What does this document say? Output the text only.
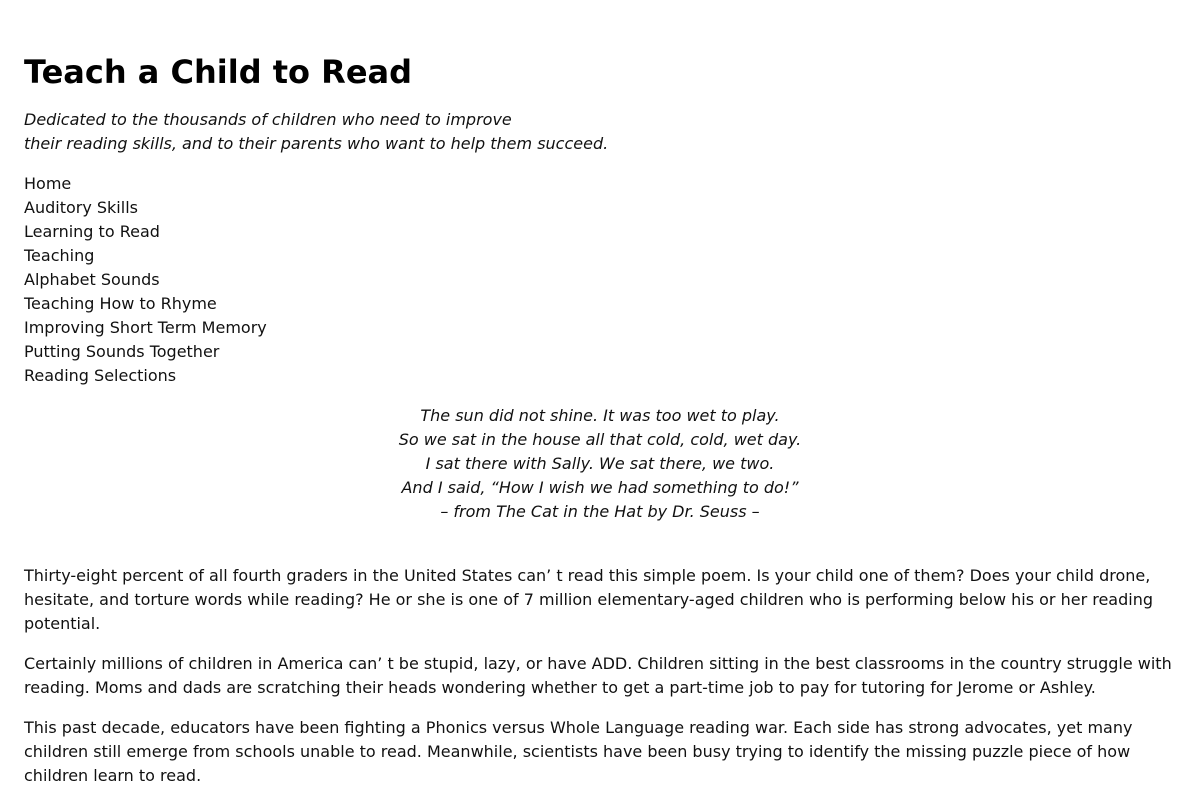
Teach a Child to Read
Dedicated to the thousands of children who need to improve
their reading skills, and to their parents who want to help them succeed.
Home
Auditory Skills
Learning to Read
Teaching
Alphabet Sounds
Teaching How to Rhyme
Improving Short Term Memory
Putting Sounds Together
Reading Selections
The sun did not shine. It was too wet to play.
So we sat in the house all that cold, cold, wet day.
I sat there with Sally. We sat there, we two.
And I said, “How I wish we had something to do!”
– from The Cat in the Hat by Dr. Seuss –

Thirty-eight percent of all fourth graders in the United States can’ t read this simple poem. Is your child one of them? Does your child drone, hesitate, and torture words while reading? He or she is one of 7 million elementary-aged children who is performing below his or her reading potential.

Certainly millions of children in America can’ t be stupid, lazy, or have ADD. Children sitting in the best classrooms in the country struggle with reading. Moms and dads are scratching their heads wondering whether to get a part-time job to pay for tutoring for Jerome or Ashley.

This past decade, educators have been fighting a Phonics versus Whole Language reading war. Each side has strong advocates, yet many children still emerge from schools unable to read. Meanwhile, scientists have been busy trying to identify the missing puzzle piece of how children learn to read.
